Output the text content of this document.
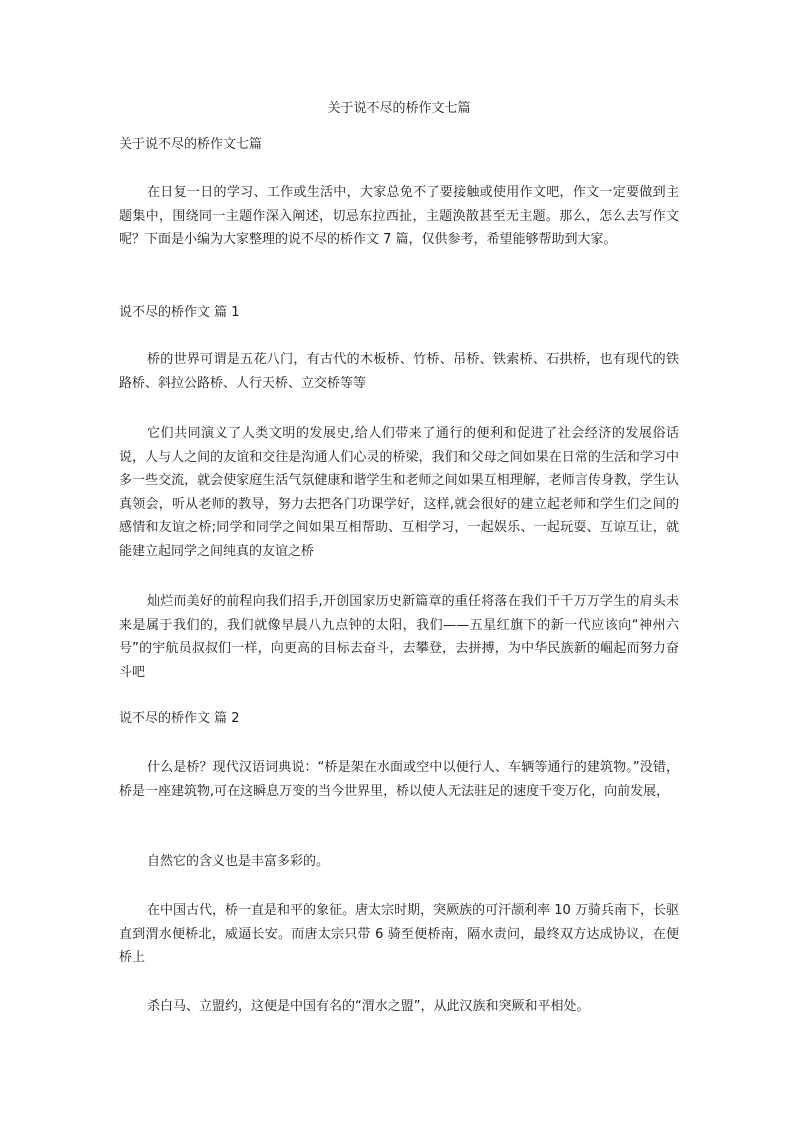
关于说不尽的桥作文七篇
关于说不尽的桥作文七篇
在日复一日的学习、工作或生活中，大家总免不了要接触或使用作文吧，作文一定要做到主题集中，围绕同一主题作深入阐述，切忌东拉西扯，主题涣散甚至无主题。那么，怎么去写作文呢？下面是小编为大家整理的说不尽的桥作文 7 篇，仅供参考，希望能够帮助到大家。
说不尽的桥作文 篇 1
桥的世界可谓是五花八门，有古代的木板桥、竹桥、吊桥、铁索桥、石拱桥，也有现代的铁路桥、斜拉公路桥、人行天桥、立交桥等等
它们共同演义了人类文明的发展史,给人们带来了通行的便利和促进了社会经济的发展俗话说，人与人之间的友谊和交往是沟通人们心灵的桥梁，我们和父母之间如果在日常的生活和学习中多一些交流，就会使家庭生活气氛健康和谐学生和老师之间如果互相理解，老师言传身教，学生认真领会，听从老师的教导，努力去把各门功课学好，这样,就会很好的建立起老师和学生们之间的感情和友谊之桥;同学和同学之间如果互相帮助、互相学习，一起娱乐、一起玩耍、互谅互让，就能建立起同学之间纯真的友谊之桥
灿烂而美好的前程向我们招手,开创国家历史新篇章的重任将落在我们千千万万学生的肩头未来是属于我们的，我们就像早晨八九点钟的太阳，我们——五星红旗下的新一代应该向“神州六号”的宇航员叔叔们一样，向更高的目标去奋斗，去攀登，去拼搏，为中华民族新的崛起而努力奋斗吧
说不尽的桥作文 篇 2
什么是桥？现代汉语词典说：“桥是架在水面或空中以便行人、车辆等通行的建筑物。”没错，桥是一座建筑物,可在这瞬息万变的当今世界里，桥以使人无法驻足的速度千变万化，向前发展，
自然它的含义也是丰富多彩的。
在中国古代，桥一直是和平的象征。唐太宗时期，突厥族的可汗颉利率 10 万骑兵南下，长驱直到渭水便桥北，威逼长安。而唐太宗只带 6 骑至便桥南，隔水责问，最终双方达成协议，在便桥上
杀白马、立盟约，这便是中国有名的“渭水之盟”，从此汉族和突厥和平相处。
